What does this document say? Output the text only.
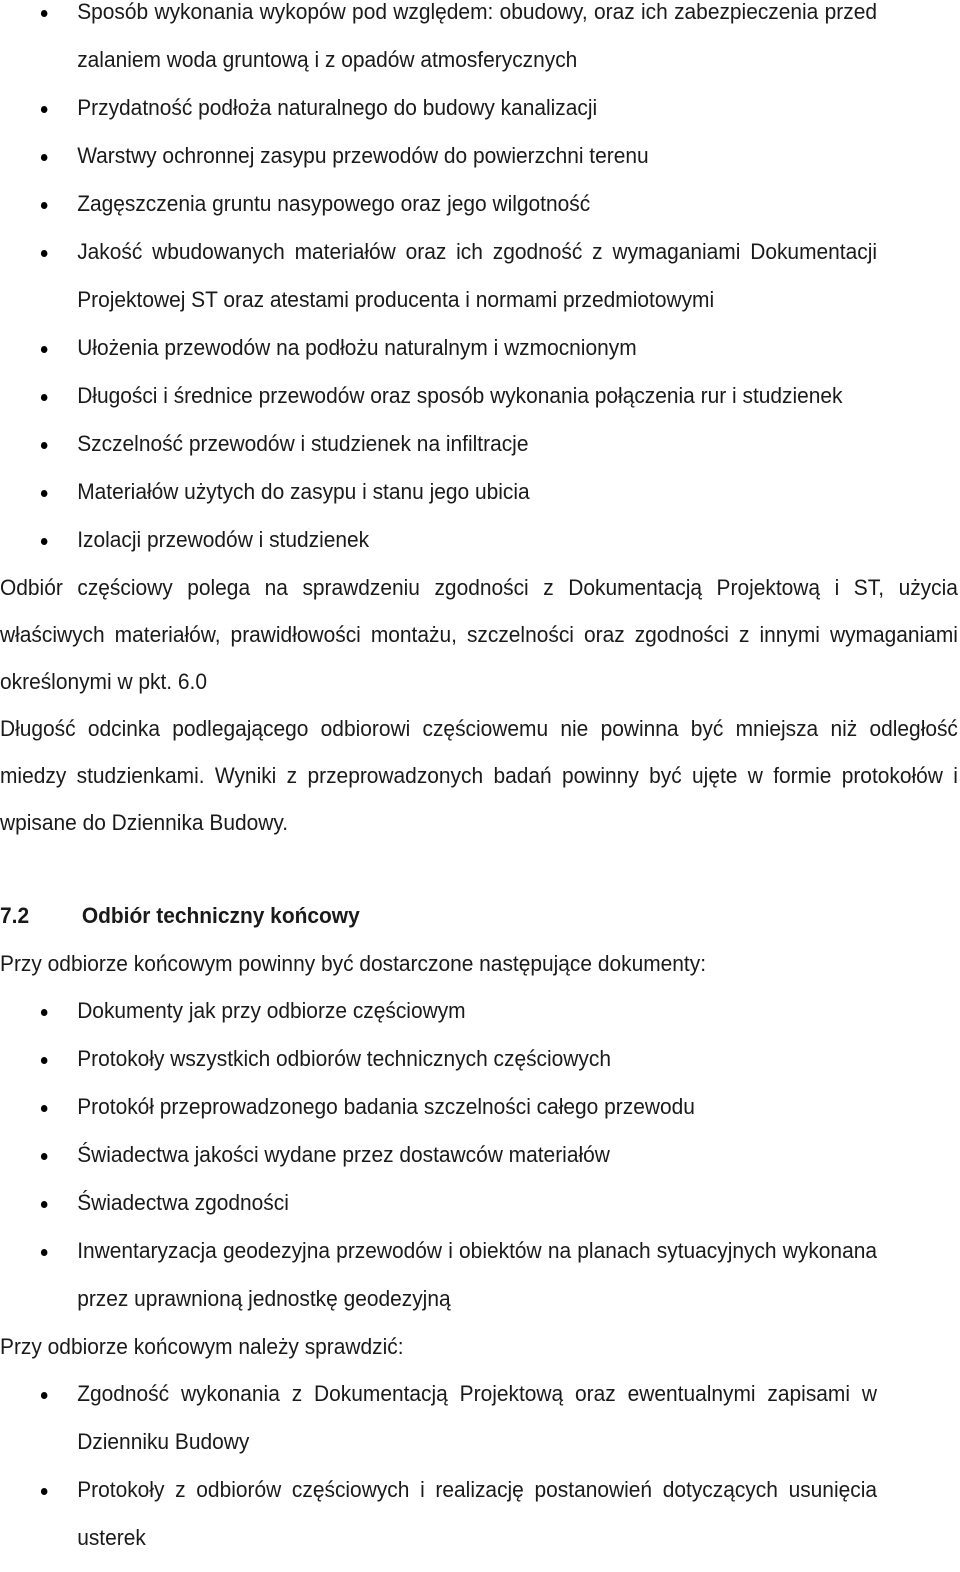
Sposób wykonania wykopów pod względem: obudowy, oraz ich zabezpieczenia przed zalaniem woda gruntową i z opadów atmosferycznych
Przydatność podłoża naturalnego do budowy kanalizacji
Warstwy ochronnej zasypu przewodów do powierzchni terenu
Zagęszczenia gruntu nasypowego oraz jego wilgotność
Jakość wbudowanych materiałów oraz ich zgodność z wymaganiami Dokumentacji Projektowej ST oraz atestami producenta i normami przedmiotowymi
Ułożenia przewodów na podłożu naturalnym i wzmocnionym
Długości i średnice przewodów oraz sposób wykonania połączenia rur i studzienek
Szczelność przewodów i studzienek na infiltracje
Materiałów użytych do zasypu i stanu jego ubicia
Izolacji przewodów i studzienek

Odbiór częściowy polega na sprawdzeniu zgodności z Dokumentacją Projektową i ST, użycia właściwych materiałów, prawidłowości montażu, szczelności oraz zgodności z innymi wymaganiami określonymi w pkt. 6.0

Długość odcinka podlegającego odbiorowi częściowemu nie powinna być mniejsza niż odległość miedzy studzienkami. Wyniki z przeprowadzonych badań powinny być ujęte w formie protokołów i wpisane do Dziennika Budowy.

7.2 Odbiór techniczny końcowy

Przy odbiorze końcowym powinny być dostarczone następujące dokumenty:

Dokumenty jak przy odbiorze częściowym
Protokoły wszystkich odbiorów technicznych częściowych
Protokół przeprowadzonego badania szczelności całego przewodu
Świadectwa jakości wydane przez dostawców materiałów
Świadectwa zgodności
Inwentaryzacja geodezyjna przewodów i obiektów na planach sytuacyjnych wykonana przez uprawnioną jednostkę geodezyjną

Przy odbiorze końcowym należy sprawdzić:

Zgodność wykonania z Dokumentacją Projektową oraz ewentualnymi zapisami w Dzienniku Budowy
Protokoły z odbiorów częściowych i realizację postanowień dotyczących usunięcia usterek
